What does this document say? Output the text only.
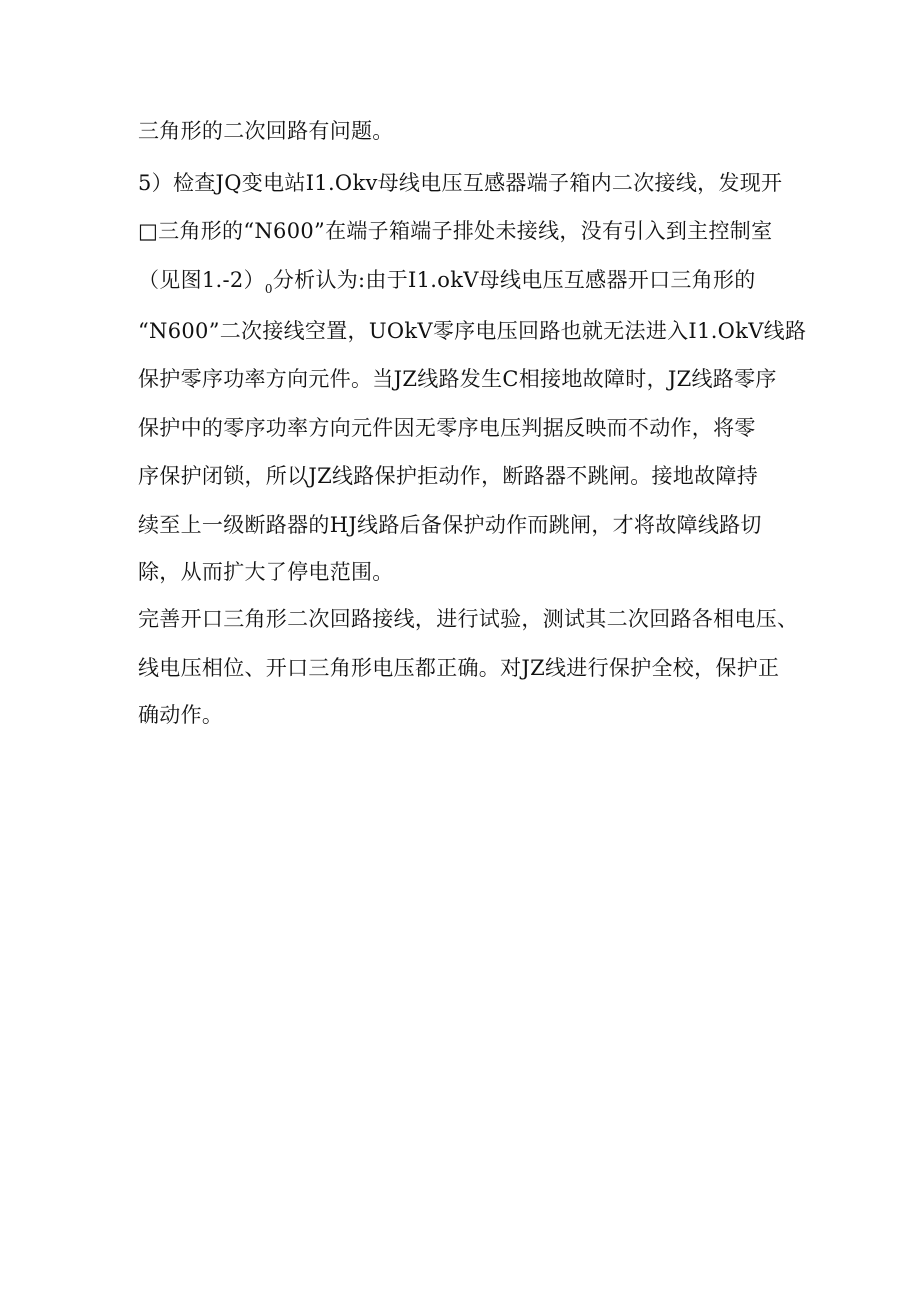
三角形的二次回路有问题。
5）检查JQ变电站I1.Okv母线电压互感器端子箱内二次接线，发现开
□三角形的“N600”在端子箱端子排处未接线，没有引入到主控制室
（见图$1.-2)_0$分析认为:由于I1.okV母线电压互感器开口三角形的
“N600”二次接线空置，UOkV零序电压回路也就无法进入I1.OkV线路
保护零序功率方向元件。当JZ线路发生C相接地故障时，JZ线路零序
保护中的零序功率方向元件因无零序电压判据反映而不动作，将零
序保护闭锁，所以JZ线路保护拒动作，断路器不跳闸。接地故障持
续至上一级断路器的HJ线路后备保护动作而跳闸，才将故障线路切
除，从而扩大了停电范围。
完善开口三角形二次回路接线，进行试验，测试其二次回路各相电压、
线电压相位、开口三角形电压都正确。对JZ线进行保护全校，保护正
确动作。
